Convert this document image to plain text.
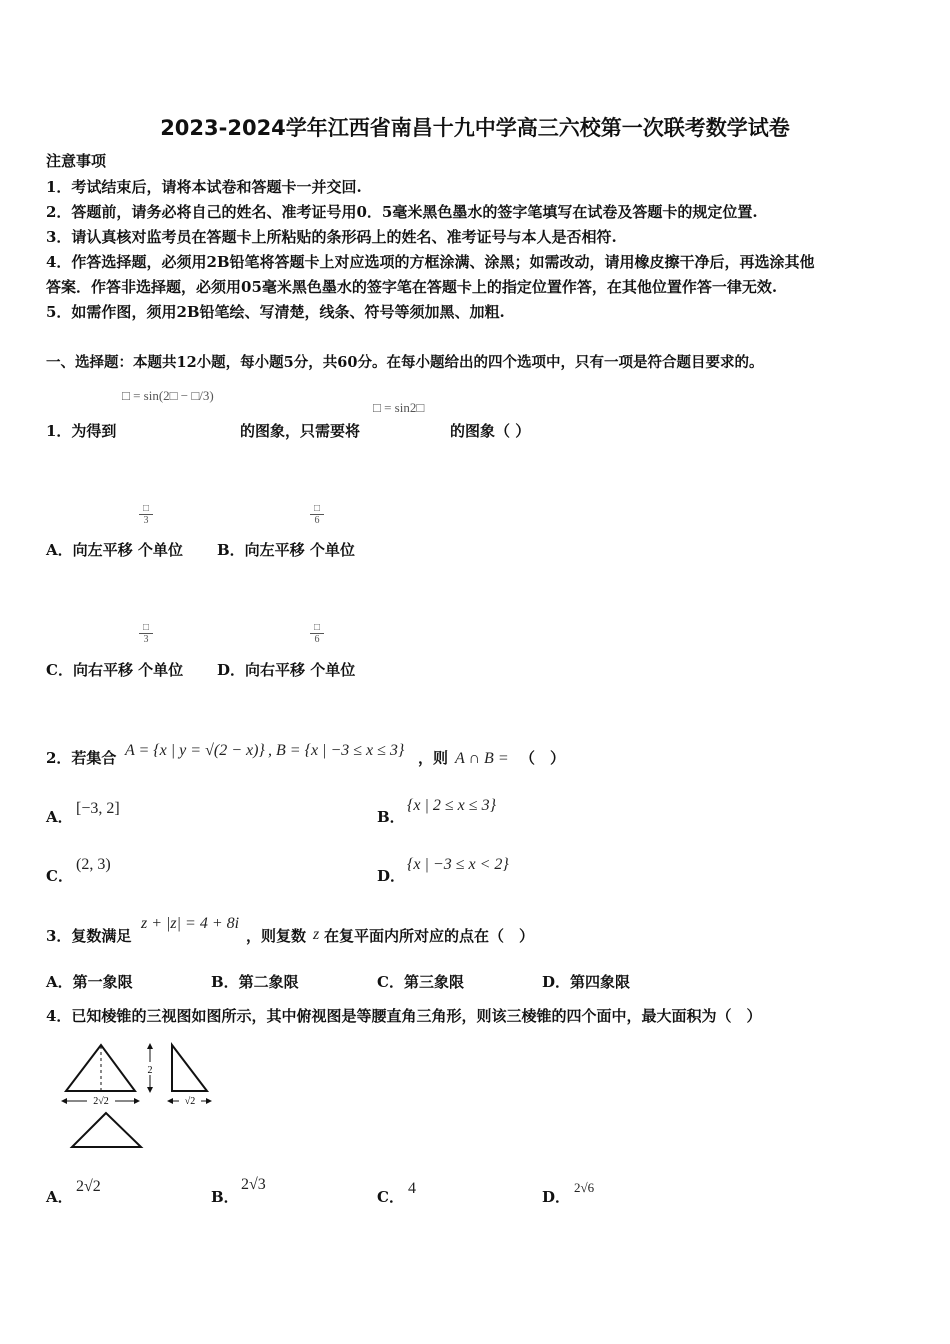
2023-2024学年江西省南昌十九中学高三六校第一次联考数学试卷
注意事项
1．考试结束后，请将本试卷和答题卡一并交回.
2．答题前，请务必将自己的姓名、准考证号用0．5毫米黑色墨水的签字笔填写在试卷及答题卡的规定位置.
3．请认真核对监考员在答题卡上所粘贴的条形码上的姓名、准考证号与本人是否相符.
4．作答选择题，必须用2B铅笔将答题卡上对应选项的方框涂满、涂黑；如需改动，请用橡皮擦干净后，再选涂其他
答案．作答非选择题，必须用05毫米黑色墨水的签字笔在答题卡上的指定位置作答，在其他位置作答一律无效.
5．如需作图，须用2B铅笔绘、写清楚，线条、符号等须加黑、加粗.
一、选择题：本题共12小题，每小题5分，共60分。在每小题给出的四个选项中，只有一项是符合题目要求的。
□ = sin(2□ − □/3)
□ = sin2□
1．为得到	的图象，只需要将	的图象（ ）
□
3
□
6
A．向左平移 个单位 B．向左平移 个单位
□
3
□
6
C．向右平移 个单位 D．向右平移 个单位
2．若集合 A = {x | y = √(2 − x)} , B = {x | −3 ≤ x ≤ 3} ，则 A ∩ B = （　）
A． [−3, 2]	B．
{x | 2 ≤ x ≤ 3}
C．
(2, 3)
D．
{x | −3 ≤ x < 2}
3．复数满足
z + |z| = 4 + 8i
，则复数 z 在复平面内所对应的点在（　）
A．第一象限	B．第二象限	C．第三象限	D．第四象限
4．已知棱锥的三视图如图所示，其中俯视图是等腰直角三角形，则该三棱锥的四个面中，最大面积为（　）
2
2√2	√2
A．
2√2
B．
2√3
C． 4	D．
2√6
